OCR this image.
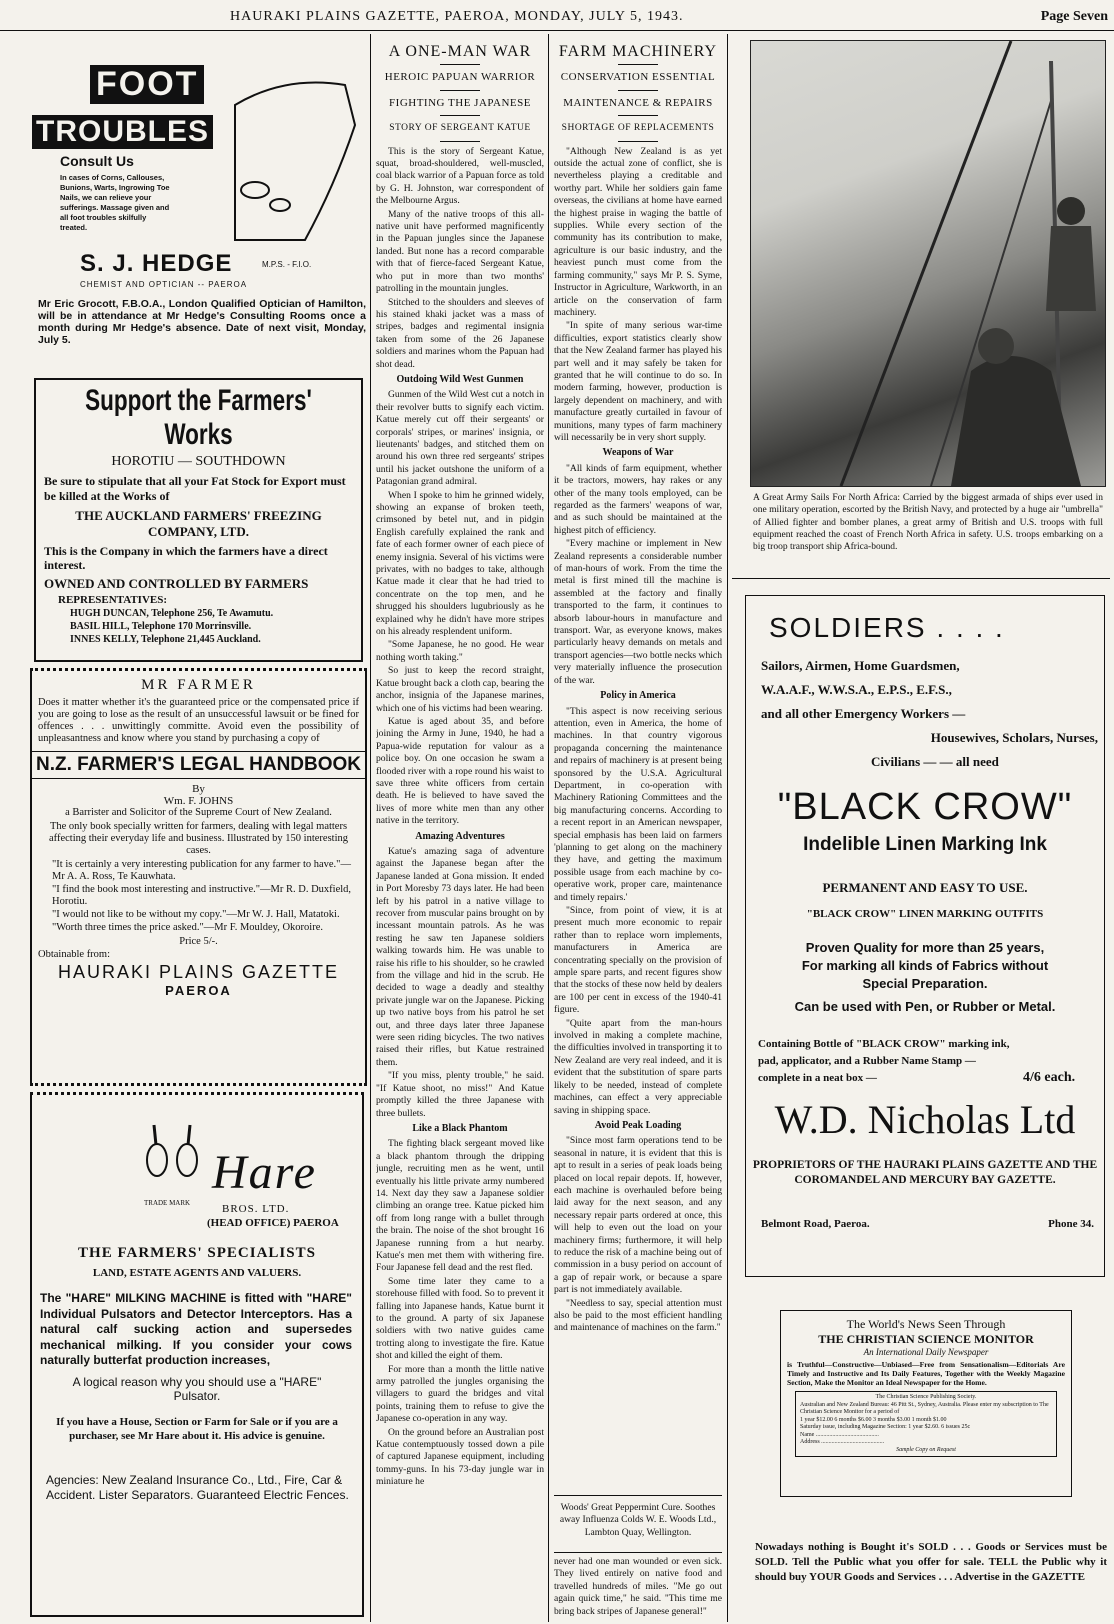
HAURAKI PLAINS GAZETTE, PAEROA, MONDAY, JULY 5, 1943.	Page Seven
FOOT
TROUBLES
Consult Us
In cases of Corns, Callouses, Bunions, Warts, Ingrowing Toe Nails, we can relieve your sufferings. Massage given and all foot troubles skilfully treated.
S. J. HEDGE	M.P.S. - F.I.O.
CHEMIST AND OPTICIAN -- PAEROA
Mr Eric Grocott, F.B.O.A., London Qualified Optician of Hamilton, will be in attendance at Mr Hedge's Consulting Rooms once a month during Mr Hedge's absence. Date of next visit, Monday, July 5.
Support the Farmers' Works
HOROTIU — SOUTHDOWN
Be sure to stipulate that all your Fat Stock for Export must be killed at the Works of
THE AUCKLAND FARMERS' FREEZING COMPANY, LTD.
This is the Company in which the farmers have a direct interest.
OWNED AND CONTROLLED BY FARMERS
REPRESENTATIVES:
HUGH DUNCAN, Telephone 256, Te Awamutu.
BASIL HILL, Telephone 170 Morrinsville.
INNES KELLY, Telephone 21,445 Auckland.
MR FARMER
Does it matter whether it's the guaranteed price or the compensated price if you are going to lose as the result of an unsuccessful lawsuit or be fined for offences . . . unwittingly committe. Avoid even the possibility of unpleasantness and know where you stand by purchasing a copy of
N.Z. FARMER'S LEGAL HANDBOOK
By
Wm. F. JOHNS
a Barrister and Solicitor of the Supreme Court of New Zealand.
The only book specially written for farmers, dealing with legal matters affecting their everyday life and business. Illustrated by 150 interesting cases.
"It is certainly a very interesting publication for any farmer to have."—Mr A. A. Ross, Te Kauwhata.
"I find the book most interesting and instructive."—Mr R. D. Duxfield, Horotiu.
"I would not like to be without my copy."—Mr W. J. Hall, Matatoki.
"Worth three times the price asked."—Mr F. Mouldey, Okoroire.
Price 5/-.
Obtainable from:
HAURAKI PLAINS GAZETTE
PAEROA
TRADE MARK
Hare
BROS. LTD.
(HEAD OFFICE) PAEROA
THE FARMERS' SPECIALISTS
LAND, ESTATE AGENTS AND VALUERS.
The "HARE" MILKING MACHINE is fitted with "HARE" Individual Pulsators and Detector Interceptors. Has a natural calf sucking action and supersedes mechanical milking. If you consider your cows naturally butterfat production increases,
A logical reason why you should use a "HARE" Pulsator.
If you have a House, Section or Farm for Sale or if you are a purchaser, see Mr Hare about it. His advice is genuine.
Agencies: New Zealand Insurance Co., Ltd., Fire, Car & Accident. Lister Separators. Guaranteed Electric Fences.
A ONE-MAN WAR
HEROIC PAPUAN WARRIOR
FIGHTING THE JAPANESE
STORY OF SERGEANT KATUE

This is the story of Sergeant Katue, squat, broad-shouldered, well-muscled, coal black warrior of a Papuan force as told by G. H. Johnston, war correspondent of the Melbourne Argus.

Many of the native troops of this all-native unit have performed magnificently in the Papuan jungles since the Japanese landed. But none has a record comparable with that of fierce-faced Sergeant Katue, who put in more than two months' patrolling in the mountain jungles.

Stitched to the shoulders and sleeves of his stained khaki jacket was a mass of stripes, badges and regimental insignia taken from some of the 26 Japanese soldiers and marines whom the Papuan had shot dead.

Outdoing Wild West Gunmen

Gunmen of the Wild West cut a notch in their revolver butts to signify each victim. Katue merely cut off their sergeants' or corporals' stripes, or marines' insignia, or lieutenants' badges, and stitched them on around his own three red sergeants' stripes until his jacket outshone the uniform of a Patagonian grand admiral.

When I spoke to him he grinned widely, showing an expanse of broken teeth, crimsoned by betel nut, and in pidgin English carefully explained the rank and fate of each former owner of each piece of enemy insignia. Several of his victims were privates, with no badges to take, although Katue made it clear that he had tried to concentrate on the top men, and he shrugged his shoulders lugubriously as he explained why he didn't have more stripes on his already resplendent uniform.

"Some Japanese, he no good. He wear nothing worth taking."

So just to keep the record straight, Katue brought back a cloth cap, bearing the anchor, insignia of the Japanese marines, which one of his victims had been wearing.

Katue is aged about 35, and before joining the Army in June, 1940, he had a Papua-wide reputation for valour as a police boy. On one occasion he swam a flooded river with a rope round his waist to save three white officers from certain death. He is believed to have saved the lives of more white men than any other native in the territory.

Amazing Adventures

Katue's amazing saga of adventure against the Japanese began after the Japanese landed at Gona mission. It ended in Port Moresby 73 days later. He had been left by his patrol in a native village to recover from muscular pains brought on by incessant mountain patrols. As he was resting he saw ten Japanese soldiers walking towards him. He was unable to raise his rifle to his shoulder, so he crawled from the village and hid in the scrub. He decided to wage a deadly and stealthy private jungle war on the Japanese. Picking up two native boys from his patrol he set out, and three days later three Japanese were seen riding bicycles. The two natives raised their rifles, but Katue restrained them.

"If you miss, plenty trouble," he said. "If Katue shoot, no miss!" And Katue promptly killed the three Japanese with three bullets.

Like a Black Phantom

The fighting black sergeant moved like a black phantom through the dripping jungle, recruiting men as he went, until eventually his little private army numbered 14. Next day they saw a Japanese soldier climbing an orange tree. Katue picked him off from long range with a bullet through the brain. The noise of the shot brought 16 Japanese running from a hut nearby. Katue's men met them with withering fire. Four Japanese fell dead and the rest fled.

Some time later they came to a storehouse filled with food. So to prevent it falling into Japanese hands, Katue burnt it to the ground. A party of six Japanese soldiers with two native guides came trotting along to investigate the fire. Katue shot and killed the eight of them.

For more than a month the little native army patrolled the jungles organising the villagers to guard the bridges and vital points, training them to refuse to give the Japanese co-operation in any way.

On the ground before an Australian post Katue contemptuously tossed down a pile of captured Japanese equipment, including tommy-guns. In his 73-day jungle war in miniature he

FARM MACHINERY
CONSERVATION ESSENTIAL
MAINTENANCE & REPAIRS
SHORTAGE OF REPLACEMENTS

"Although New Zealand is as yet outside the actual zone of conflict, she is nevertheless playing a creditable and worthy part. While her soldiers gain fame overseas, the civilians at home have earned the highest praise in waging the battle of supplies. While every section of the community has its contribution to make, agriculture is our basic industry, and the heaviest punch must come from the farming community," says Mr P. S. Syme, Instructor in Agriculture, Warkworth, in an article on the conservation of farm machinery.

"In spite of many serious war-time difficulties, export statistics clearly show that the New Zealand farmer has played his part well and it may safely be taken for granted that he will continue to do so. In modern farming, however, production is largely dependent on machinery, and with manufacture greatly curtailed in favour of munitions, many types of farm machinery will necessarily be in very short supply.

Weapons of War

"All kinds of farm equipment, whether it be tractors, mowers, hay rakes or any other of the many tools employed, can be regarded as the farmers' weapons of war, and as such should be maintained at the highest pitch of efficiency.

"Every machine or implement in New Zealand represents a considerable number of man-hours of work. From the time the metal is first mined till the machine is assembled at the factory and finally transported to the farm, it continues to absorb labour-hours in manufacture and transport. War, as everyone knows, makes particularly heavy demands on metals and transport agencies—two bottle necks which very materially influence the prosecution of the war.

Policy in America

"This aspect is now receiving serious attention, even in America, the home of machines. In that country vigorous propaganda concerning the maintenance and repairs of machinery is at present being sponsored by the U.S.A. Agricultural Department, in co-operation with Machinery Rationing Committees and the big manufacturing concerns. According to a recent report in an American newspaper, special emphasis has been laid on farmers 'planning to get along on the machinery they have, and getting the maximum possible usage from each machine by co-operative work, proper care, maintenance and timely repairs.'

"Since, from point of view, it is at present much more economic to repair rather than to replace worn implements, manufacturers in America are concentrating specially on the provision of ample spare parts, and recent figures show that the stocks of these now held by dealers are 100 per cent in excess of the 1940-41 figure.

"Quite apart from the man-hours involved in making a complete machine, the difficulties involved in transporting it to New Zealand are very real indeed, and it is evident that the substitution of spare parts likely to be needed, instead of complete machines, can effect a very appreciable saving in shipping space.

Avoid Peak Loading

"Since most farm operations tend to be seasonal in nature, it is evident that this is apt to result in a series of peak loads being placed on local repair depots. If, however, each machine is overhauled before being laid away for the next season, and any necessary repair parts ordered at once, this will help to even out the load on your machinery firms; furthermore, it will help to reduce the risk of a machine being out of commission in a busy period on account of a gap of repair work, or because a spare part is not immediately available.

"Needless to say, special attention must also be paid to the most efficient handling and maintenance of machines on the farm."

Woods' Great Peppermint Cure. Soothes away Influenza Colds W. E. Woods Ltd., Lambton Quay, Wellington.

never had one man wounded or even sick. They lived entirely on native food and travelled hundreds of miles. "Me go out again quick time," he said. "This time me bring back stripes of Japanese general!"

A Great Army Sails For North Africa: Carried by the biggest armada of ships ever used in one military operation, escorted by the British Navy, and protected by a huge air "umbrella" of Allied fighter and bomber planes, a great army of British and U.S. troops with full equipment reached the coast of French North Africa in safety. U.S. troops embarking on a big troop transport ship Africa-bound.
SOLDIERS . . . .
Sailors, Airmen, Home Guardsmen,
W.A.A.F., W.W.S.A., E.P.S., E.F.S.,
and all other Emergency Workers —
Housewives, Scholars, Nurses,
Civilians — — all need
"BLACK CROW"
Indelible Linen Marking Ink
PERMANENT AND EASY TO USE.
"BLACK CROW" LINEN MARKING OUTFITS
Proven Quality for more than 25 years,
For marking all kinds of Fabrics without
Special Preparation.
Can be used with Pen, or Rubber or Metal.
Containing Bottle of "BLACK CROW" marking ink, pad, applicator, and a Rubber Name Stamp — complete in a neat box —	4/6 each.
W.D. Nicholas Ltd
PROPRIETORS OF THE HAURAKI PLAINS GAZETTE AND THE COROMANDEL AND MERCURY BAY GAZETTE.
Belmont Road, Paeroa.	Phone 34.
The World's News Seen Through
THE CHRISTIAN SCIENCE MONITOR
An International Daily Newspaper
is Truthful—Constructive—Unbiased—Free from Sensationalism—Editorials Are Timely and Instructive and Its Daily Features, Together with the Weekly Magazine Section, Make the Monitor an Ideal Newspaper for the Home.
The Christian Science Publishing Society.
Australian and New Zealand Bureau: 46 Pitt St., Sydney, Australia. Please enter my subscription to The Christian Science Monitor for a period of
1 year $12.00 6 months $6.00 3 months $3.00 1 month $1.00
Saturday issue, including Magazine Section: 1 year $2.60. 6 issues 25c
Name ..........................................
Address ..........................................
Sample Copy on Request
Nowadays nothing is Bought it's SOLD . . . Goods or Services must be SOLD. Tell the Public what you offer for sale. TELL the Public why it should buy YOUR Goods and Services . . . Advertise in the GAZETTE
